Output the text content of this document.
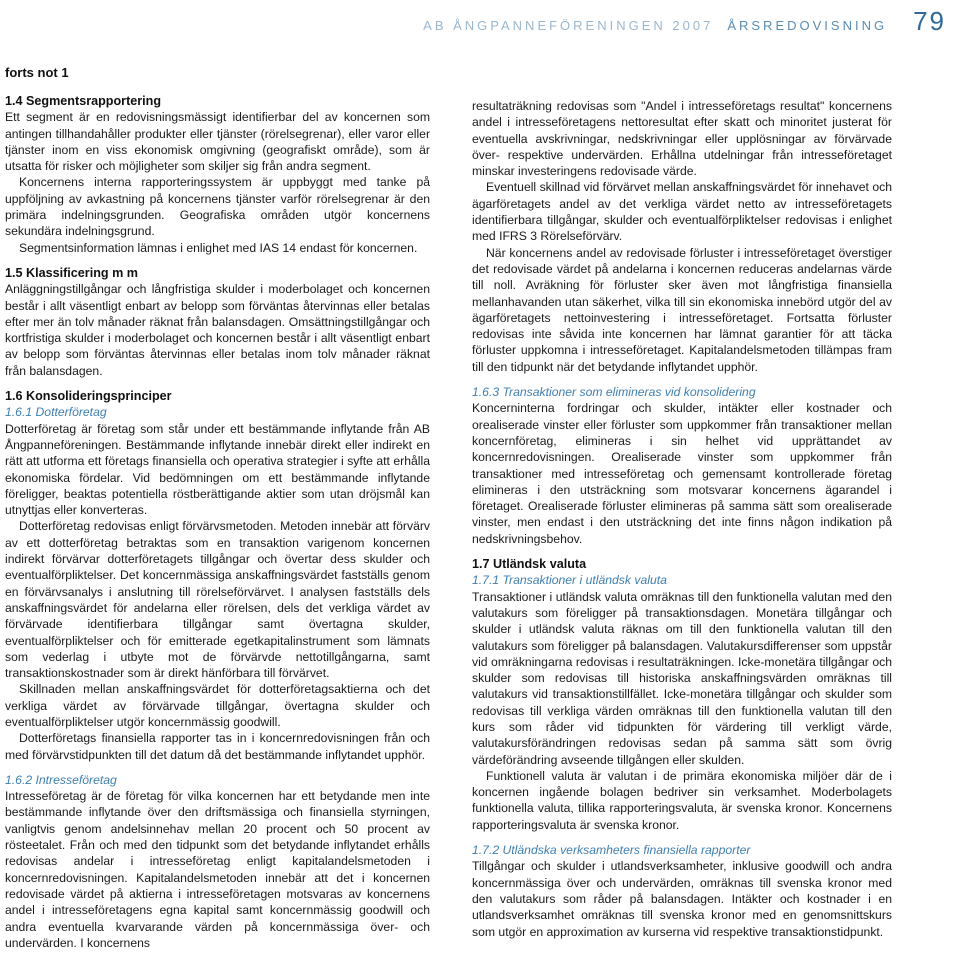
AB ÅNGPANNEFÖRENINGEN 2007 ÅRSREDOVISNING 79
forts not 1
1.4 Segmentsrapportering

Ett segment är en redovisningsmässigt identifierbar del av koncernen som antingen tillhandahåller produkter eller tjänster (rörelsegrenar), eller varor eller tjänster inom en viss ekonomisk omgivning (geografiskt område), som är utsatta för risker och möjligheter som skiljer sig från andra segment.

Koncernens interna rapporteringssystem är uppbyggt med tanke på uppföljning av avkastning på koncernens tjänster varför rörelsegrenar är den primära indelningsgrunden. Geografiska områden utgör koncernens sekundära indelningsgrund.

Segmentsinformation lämnas i enlighet med IAS 14 endast för koncernen.

1.5 Klassificering m m

Anläggningstillgångar och långfristiga skulder i moderbolaget och koncernen består i allt väsentligt enbart av belopp som förväntas återvinnas eller betalas efter mer än tolv månader räknat från balansdagen. Omsättningstillgångar och kortfristiga skulder i moderbolaget och koncernen består i allt väsentligt enbart av belopp som förväntas återvinnas eller betalas inom tolv månader räknat från balansdagen.

1.6 Konsolideringsprinciper
1.6.1 Dotterföretag

Dotterföretag är företag som står under ett bestämmande inflytande från AB Ångpanneföreningen. Bestämmande inflytande innebär direkt eller indirekt en rätt att utforma ett företags finansiella och operativa strategier i syfte att erhålla ekonomiska fördelar. Vid bedömningen om ett bestämmande inflytande föreligger, beaktas potentiella röstberättigande aktier som utan dröjsmål kan utnyttjas eller konverteras.

Dotterföretag redovisas enligt förvärvsmetoden. Metoden innebär att förvärv av ett dotterföretag betraktas som en transaktion varigenom koncernen indirekt förvärvar dotterföretagets tillgångar och övertar dess skulder och eventualförpliktelser. Det koncernmässiga anskaffningsvärdet fastställs genom en förvärvsanalys i anslutning till rörelseförvärvet. I analysen fastställs dels anskaffningsvärdet för andelarna eller rörelsen, dels det verkliga värdet av förvärvade identifierbara tillgångar samt övertagna skulder, eventualförpliktelser och för emitterade egetkapitalinstrument som lämnats som vederlag i utbyte mot de förvärvde nettotillgångarna, samt transaktionskostnader som är direkt hänförbara till förvärvet.

Skillnaden mellan anskaffningsvärdet för dotterföretagsaktierna och det verkliga värdet av förvärvade tillgångar, övertagna skulder och eventualförpliktelser utgör koncernmässig goodwill.

Dotterföretags finansiella rapporter tas in i koncernredovisningen från och med förvärvstidpunkten till det datum då det bestämmande inflytandet upphör.

1.6.2 Intresseföretag

Intresseföretag är de företag för vilka koncernen har ett betydande men inte bestämmande inflytande över den driftsmässiga och finansiella styrningen, vanligtvis genom andelsinnehav mellan 20 procent och 50 procent av rösteetalet. Från och med den tidpunkt som det betydande inflytandet erhålls redovisas andelar i intresseföretag enligt kapitalandelsmetoden i koncernredovisningen. Kapitalandelsmetoden innebär att det i koncernen redovisade värdet på aktierna i intresseföretagen motsvaras av koncernens andel i intresseföretagens egna kapital samt koncernmässig goodwill och andra eventuella kvarvarande värden på koncernmässiga över- och undervärden. I koncernens

resultaträkning redovisas som "Andel i intresseföretags resultat" koncernens andel i intresseföretagens nettoresultat efter skatt och minoritet justerat för eventuella avskrivningar, nedskrivningar eller upplösningar av förvärvade över- respektive undervärden. Erhållna utdelningar från intresseföretaget minskar investeringens redovisade värde.

Eventuell skillnad vid förvärvet mellan anskaffningsvärdet för innehavet och ägarföretagets andel av det verkliga värdet netto av intresseföretagets identifierbara tillgångar, skulder och eventualförpliktelser redovisas i enlighet med IFRS 3 Rörelseförvärv.

När koncernens andel av redovisade förluster i intresseföretaget överstiger det redovisade värdet på andelarna i koncernen reduceras andelarnas värde till noll. Avräkning för förluster sker även mot långfristiga finansiella mellanhavanden utan säkerhet, vilka till sin ekonomiska innebörd utgör del av ägarföretagets nettoinvestering i intresseföretaget. Fortsatta förluster redovisas inte såvida inte koncernen har lämnat garantier för att täcka förluster uppkomna i intresseföretaget. Kapitalandelsmetoden tillämpas fram till den tidpunkt när det betydande inflytandet upphör.

1.6.3 Transaktioner som elimineras vid konsolidering

Koncerninterna fordringar och skulder, intäkter eller kostnader och orealiserade vinster eller förluster som uppkommer från transaktioner mellan koncernföretag, elimineras i sin helhet vid upprättandet av koncernredovisningen. Orealiserade vinster som uppkommer från transaktioner med intresseföretag och gemensamt kontrollerade företag elimineras i den utsträckning som motsvarar koncernens ägarandel i företaget. Orealiserade förluster elimineras på samma sätt som orealiserade vinster, men endast i den utsträckning det inte finns någon indikation på nedskrivningsbehov.

1.7 Utländsk valuta
1.7.1 Transaktioner i utländsk valuta

Transaktioner i utländsk valuta omräknas till den funktionella valutan med den valutakurs som föreligger på transaktionsdagen. Monetära tillgångar och skulder i utländsk valuta räknas om till den funktionella valutan till den valutakurs som föreligger på balansdagen. Valutakursdifferenser som uppstår vid omräkningarna redovisas i resultaträkningen. Icke-monetära tillgångar och skulder som redovisas till historiska anskaffningsvärden omräknas till valutakurs vid transaktionstillfället. Icke-monetära tillgångar och skulder som redovisas till verkliga värden omräknas till den funktionella valutan till den kurs som råder vid tidpunkten för värdering till verkligt värde, valutakursförändringen redovisas sedan på samma sätt som övrig värdeförändring avseende tillgången eller skulden.

Funktionell valuta är valutan i de primära ekonomiska miljöer där de i koncernen ingående bolagen bedriver sin verksamhet. Moderbolagets funktionella valuta, tillika rapporteringsvaluta, är svenska kronor. Koncernens rapporteringsvaluta är svenska kronor.

1.7.2 Utländska verksamheters finansiella rapporter

Tillgångar och skulder i utlandsverksamheter, inklusive goodwill och andra koncernmässiga över och undervärden, omräknas till svenska kronor med den valutakurs som råder på balansdagen. Intäkter och kostnader i en utlandsverksamhet omräknas till svenska kronor med en genomsnittskurs som utgör en approximation av kurserna vid respektive transaktionstidpunkt.
